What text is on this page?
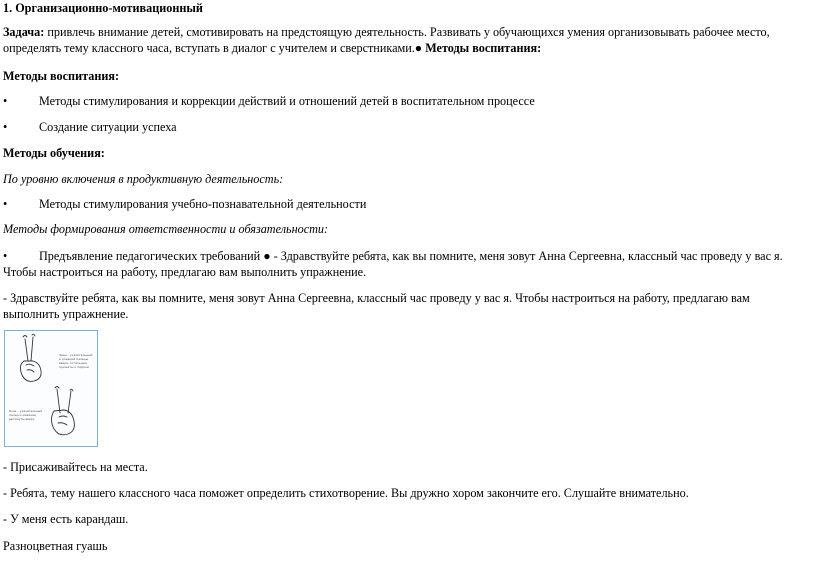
1. Организационно-мотивационный
Задача: привлечь внимание детей, смотивировать на предстоящую деятельность. Развивать у обучающихся умения организовывать рабочее место, определять тему классного часа, вступать в диалог с учителем и сверстниками.● Методы воспитания:
Методы воспитания:
•	Методы стимулирования и коррекции действий и отношений детей в воспитательном процессе
•	Создание ситуации успеха
Методы обучения:
По уровню включения в продуктивную деятельность:
•	Методы стимулирования учебно-познавательной деятельности
Методы формирования ответственности и обязательности:
•	Предъявление педагогических требований ● - Здравствуйте ребята, как вы помните, меня зовут Анна Сергеевна, классный час проведу у вас я. Чтобы настроиться на работу, предлагаю вам выполнить упражнение.
- Здравствуйте ребята, как вы помните, меня зовут Анна Сергеевна, классный час проведу у вас я. Чтобы настроиться на работу, предлагаю вам выполнить упражнение.
Заяц – указательный и средний пальцы вверх, остальные прижаты к ладони
Коза – указательный палец и мизинец вытянуты вверх
- Присаживайтесь на места.
- Ребята, тему нашего классного часа поможет определить стихотворение. Вы дружно хором закончите его. Слушайте внимательно.
- У меня есть карандаш.
Разноцветная гуашь
